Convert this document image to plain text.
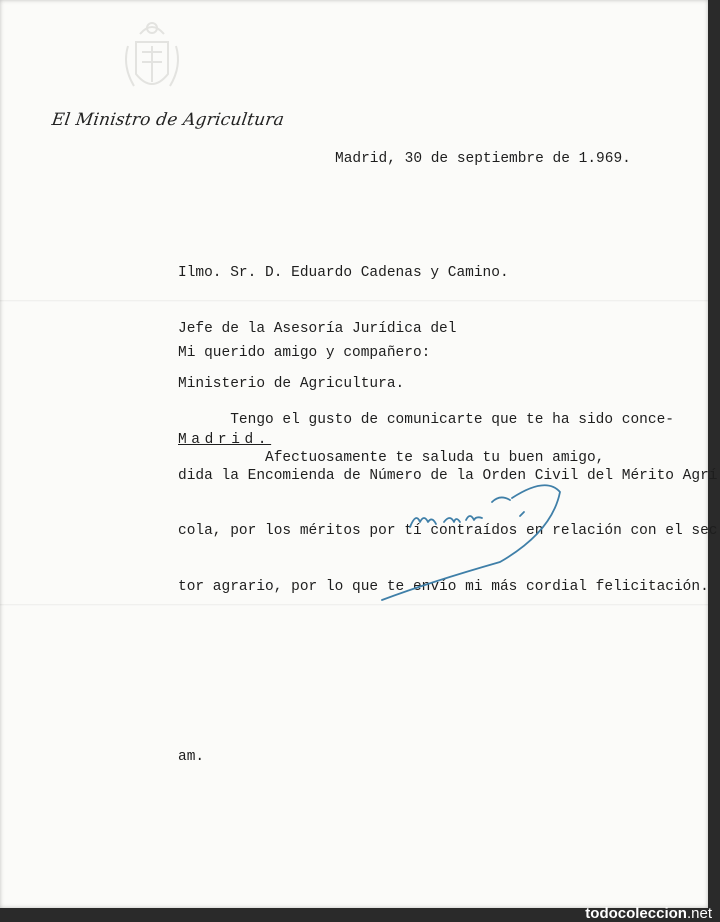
El Ministro de Agricultura
Madrid, 30 de septiembre de 1.969.

Ilmo. Sr. D. Eduardo Cadenas y Camino.

Jefe de la Asesoría Jurídica del

Ministerio de Agricultura.

Madrid.

Mi querido amigo y compañero:

Tengo el gusto de comunicarte que te ha sido conce-

dida la Encomienda de Número de la Orden Civil del Mérito Agrí

cola, por los méritos por tí contraídos en relación con el sec

tor agrario, por lo que te envío mi más cordial felicitación.

Afectuosamente te saluda tu buen amigo,
am.
todocoleccion.net
